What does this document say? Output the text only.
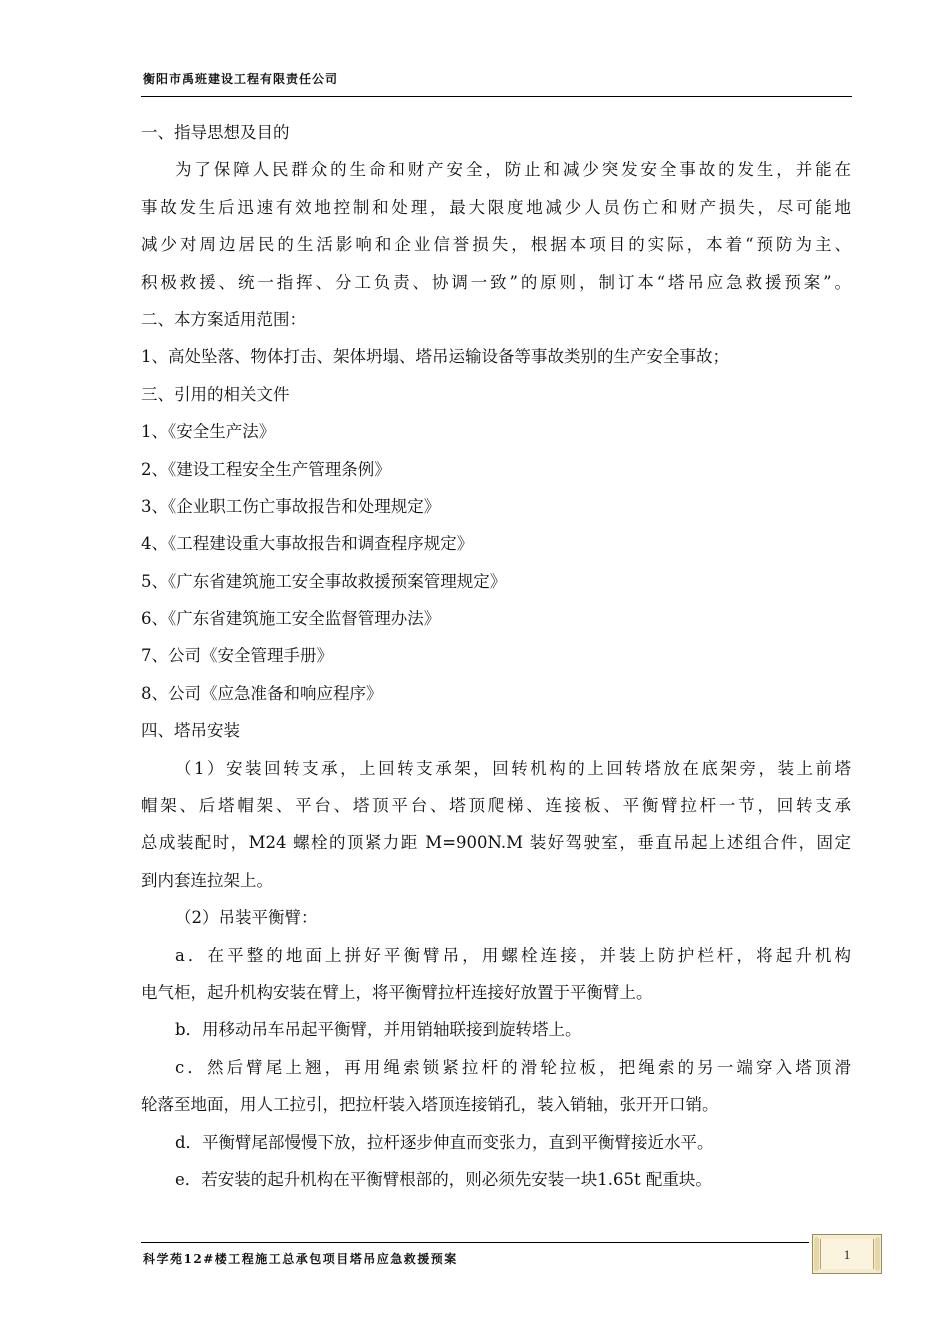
衡阳市禹班建设工程有限责任公司
一、指导思想及目的
为了保障人民群众的生命和财产安全，防止和减少突发安全事故的发生，并能在
事故发生后迅速有效地控制和处理，最大限度地减少人员伤亡和财产损失，尽可能地
减少对周边居民的生活影响和企业信誉损失，根据本项目的实际，本着“预防为主、
积极救援、统一指挥、分工负责、协调一致”的原则，制订本“塔吊应急救援预案”。
二、本方案适用范围：
1、高处坠落、物体打击、架体坍塌、塔吊运输设备等事故类别的生产安全事故；
三、引用的相关文件
1、《安全生产法》
2、《建设工程安全生产管理条例》
3、《企业职工伤亡事故报告和处理规定》
4、《工程建设重大事故报告和调查程序规定》
5、《广东省建筑施工安全事故救援预案管理规定》
6、《广东省建筑施工安全监督管理办法》
7、公司《安全管理手册》
8、公司《应急准备和响应程序》
四、塔吊安装
（1）安装回转支承，上回转支承架，回转机构的上回转塔放在底架旁，装上前塔
帽架、后塔帽架、平台、塔顶平台、塔顶爬梯、连接板、平衡臂拉杆一节，回转支承
总成装配时，M24 螺栓的顶紧力距 M=900N.M 装好驾驶室，垂直吊起上述组合件，固定
到内套连拉架上。
（2）吊装平衡臂：
a．在平整的地面上拼好平衡臂吊，用螺栓连接，并装上防护栏杆，将起升机构
电气柜，起升机构安装在臂上，将平衡臂拉杆连接好放置于平衡臂上。
b．用移动吊车吊起平衡臂，并用销轴联接到旋转塔上。
c．然后臂尾上翘，再用绳索锁紧拉杆的滑轮拉板，把绳索的另一端穿入塔顶滑
轮落至地面，用人工拉引，把拉杆装入塔顶连接销孔，装入销轴，张开开口销。
d．平衡臂尾部慢慢下放，拉杆逐步伸直而变张力，直到平衡臂接近水平。
e．若安装的起升机构在平衡臂根部的，则必须先安装一块1.65t 配重块。
科学苑12#楼工程施工总承包项目塔吊应急救援预案	1
